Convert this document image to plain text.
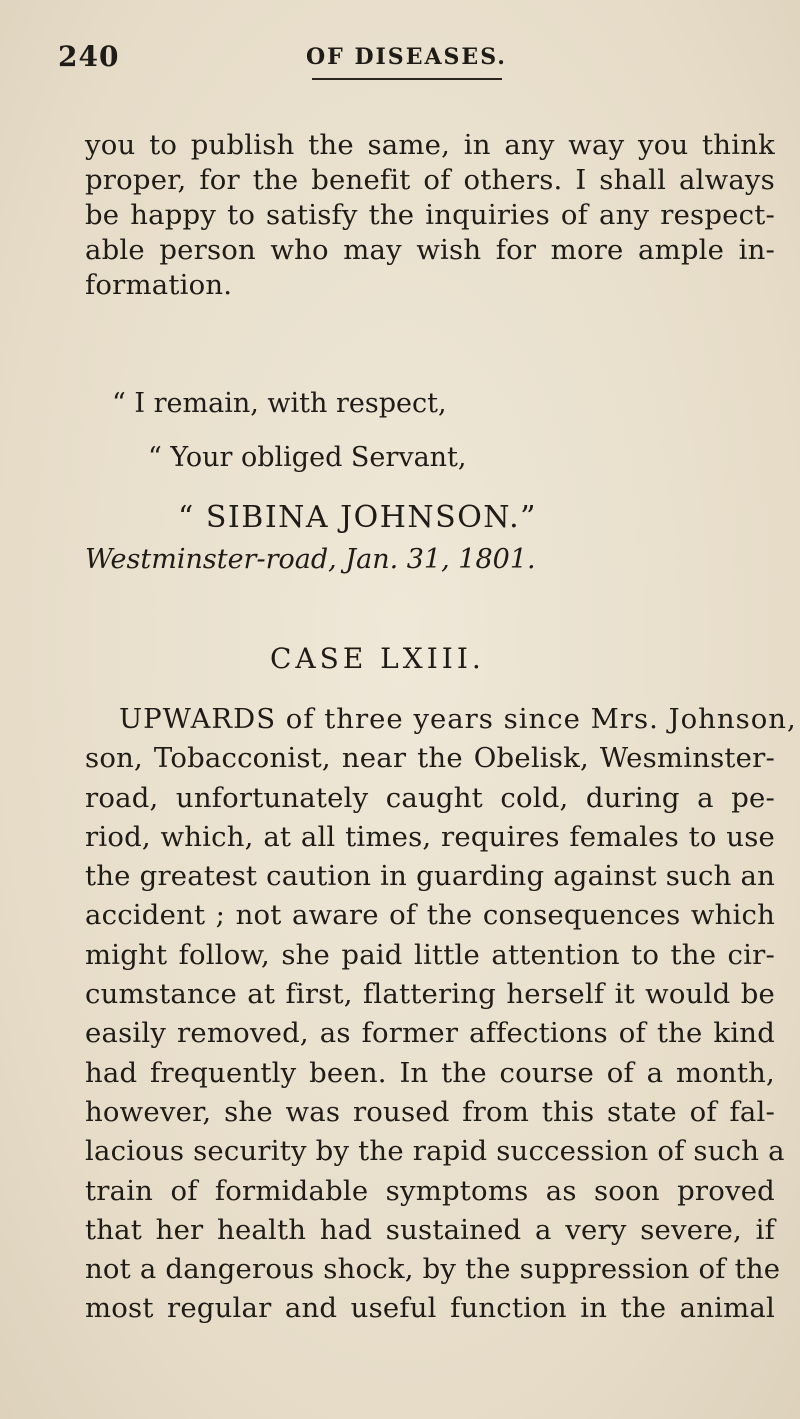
240	OF DISEASES.
you to publish the same, in any way you think
proper, for the benefit of others. I shall always
be happy to satisfy the inquiries of any respect-
able person who may wish for more ample in-
formation.
“ I remain, with respect,
“ Your obliged Servant,
“ SIBINA JOHNSON.”
Westminster-road, Jan. 31, 1801.
CASE LXIII.
UPWARDS of three years since Mrs. Johnson,
son, Tobacconist, near the Obelisk, Wesminster-
road, unfortunately caught cold, during a pe-
riod, which, at all times, requires females to use
the greatest caution in guarding against such an
accident ; not aware of the consequences which
might follow, she paid little attention to the cir-
cumstance at first, flattering herself it would be
easily removed, as former affections of the kind
had frequently been. In the course of a month,
however, she was roused from this state of fal-
lacious security by the rapid succession of such a
train of formidable symptoms as soon proved
that her health had sustained a very severe, if
not a dangerous shock, by the suppression of the
most regular and useful function in the animal
